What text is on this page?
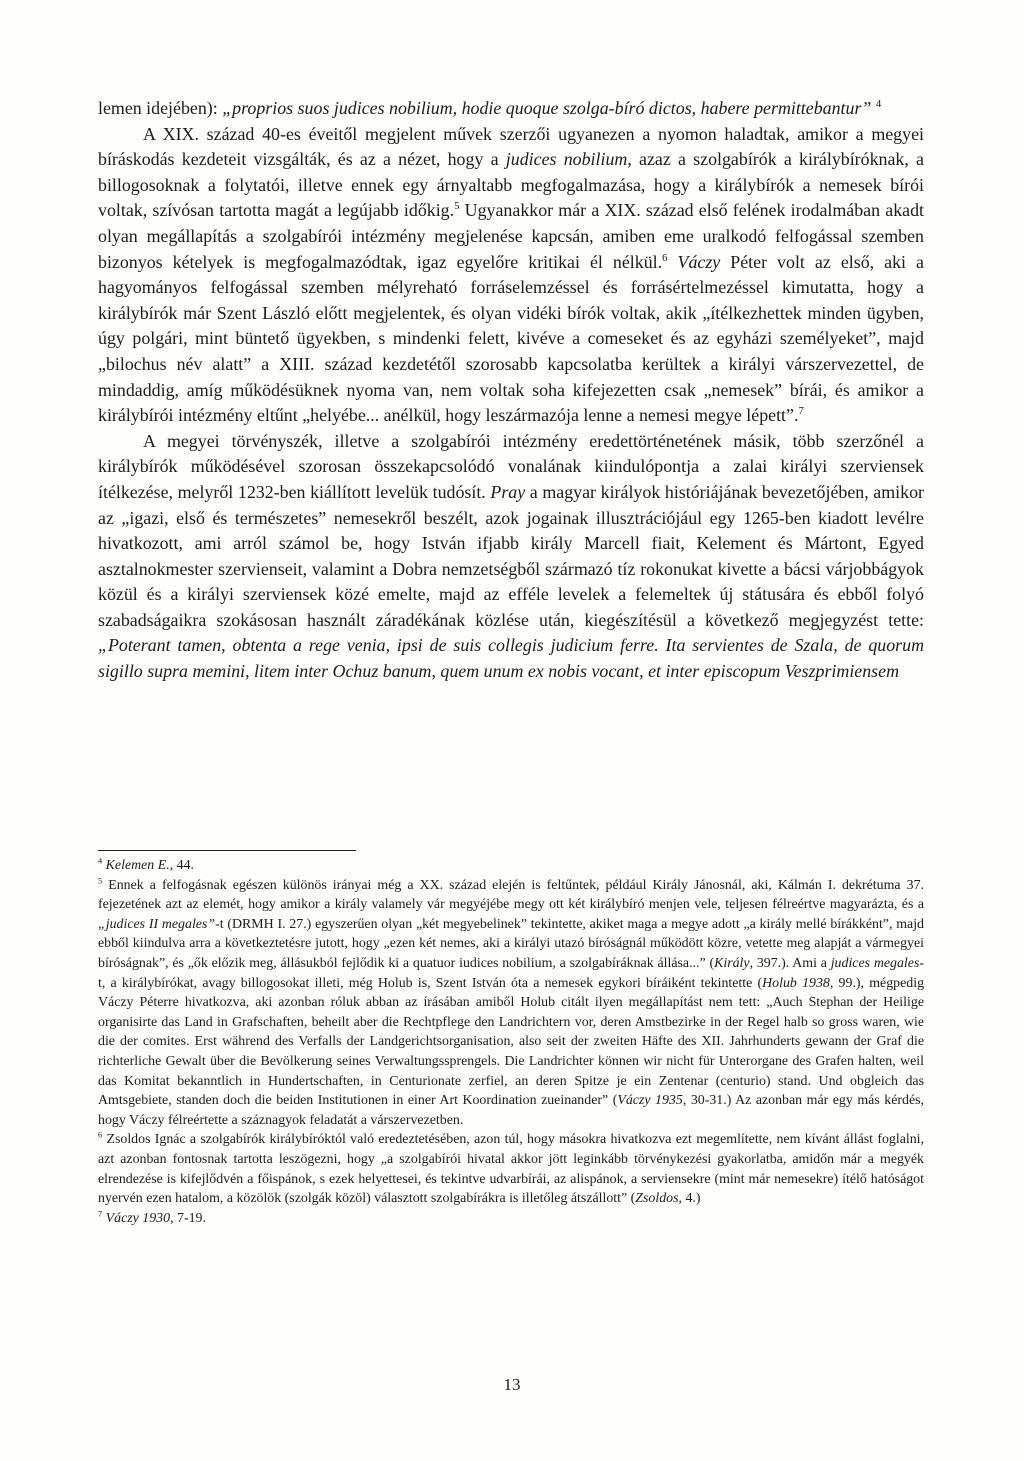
lemen idejében): „proprios suos judices nobilium, hodie quoque szolga-bíró dictos, habere permittebantur” $^4$

A XIX. század 40-es éveitől megjelent művek szerzői ugyanezen a nyomon haladtak, amikor a megyei bíráskodás kezdeteit vizsgálták, és az a nézet, hogy a judices nobilium, azaz a szolgabírók a királybíróknak, a billogosoknak a folytatói, illetve ennek egy árnyaltabb megfogalmazása, hogy a királybírók a nemesek bírói voltak, szívósan tartotta magát a legújabb időkig.$^5$ Ugyanakkor már a XIX. század első felének irodalmában akadt olyan megállapítás a szolgabírói intézmény megjelenése kapcsán, amiben eme uralkodó felfogással szemben bizonyos kételyek is megfogalmazódtak, igaz egyelőre kritikai él nélkül.$^6$ Váczy Péter volt az első, aki a hagyományos felfogással szemben mélyreható forráselemzéssel és forrásértelmezéssel kimutatta, hogy a királybírók már Szent László előtt megjelentek, és olyan vidéki bírók voltak, akik „ítélkezhettek minden ügyben, úgy polgári, mint büntető ügyekben, s mindenki felett, kivéve a comeseket és az egyházi személyeket”, majd „bilochus név alatt” a XIII. század kezdetétől szorosabb kapcsolatba kerültek a királyi várszervezettel, de mindaddig, amíg működésüknek nyoma van, nem voltak soha kifejezetten csak „nemesek” bírái, és amikor a királybírói intézmény eltűnt „helyébe... anélkül, hogy leszármazója lenne a nemesi megye lépett”.$^7$

A megyei törvényszék, illetve a szolgabírói intézmény eredettörténetének másik, több szerzőnél a királybírók működésével szorosan összekapcsolódó vonalának kiindulópontja a zalai királyi szerviensek ítélkezése, melyről 1232-ben kiállított levelük tudósít. Pray a magyar királyok históriájának bevezetőjében, amikor az „igazi, első és természetes” nemesekről beszélt, azok jogainak illusztrációjául egy 1265-ben kiadott levélre hivatkozott, ami arról számol be, hogy István ifjabb király Marcell fiait, Kelement és Mártont, Egyed asztalnokmester szervienseit, valamint a Dobra nemzetségből származó tíz rokonukat kivette a bácsi várjobbágyok közül és a királyi szerviensek közé emelte, majd az efféle levelek a felemeltek új státusára és ebből folyó szabadságaikra szokásosan használt záradékának közlése után, kiegészítésül a következő megjegyzést tette: „Poterant tamen, obtenta a rege venia, ipsi de suis collegis judicium ferre. Ita servientes de Szala, de quorum sigillo supra memini, litem inter Ochuz banum, quem unum ex nobis vocant, et inter episcopum Veszprimiensem

$^4$ Kelemen E., 44.

$^5$ Ennek a felfogásnak egészen különös irányai még a XX. század elején is feltűntek, például Király Jánosnál, aki, Kálmán I. dekrétuma 37. fejezetének azt az elemét, hogy amikor a király valamely vár megyéjébe megy ott két királybíró menjen vele, teljesen félreértve magyarázta, és a „judices II megales”-t (DRMH I. 27.) egyszerűen olyan „két megyebelinek” tekintette, akiket maga a megye adott „a király mellé bírákként”, majd ebből kiindulva arra a következtetésre jutott, hogy „ezen két nemes, aki a királyi utazó bíróságnál működött közre, vetette meg alapját a vármegyei bíróságnak”, és „ők előzik meg, állásukból fejlődik ki a quatuor iudices nobilium, a szolgabíráknak állása...” (Király, 397.). Ami a judices megales-t, a királybírókat, avagy billogosokat illeti, még Holub is, Szent István óta a nemesek egykori bíráiként tekintette (Holub 1938, 99.), mégpedig Váczy Péterre hivatkozva, aki azonban róluk abban az írásában amiből Holub citált ilyen megállapítást nem tett: „Auch Stephan der Heilige organisirte das Land in Grafschaften, beheilt aber die Rechtpflege den Landrichtern vor, deren Amstbezirke in der Regel halb so gross waren, wie die der comites. Erst während des Verfalls der Landgerichtsorganisation, also seit der zweiten Häfte des XII. Jahrhunderts gewann der Graf die richterliche Gewalt über die Bevölkerung seines Verwaltungssprengels. Die Landrichter können wir nicht für Unterorgane des Grafen halten, weil das Komitat bekanntlich in Hundertschaften, in Centurionate zerfiel, an deren Spitze je ein Zentenar (centurio) stand. Und obgleich das Amtsgebiete, standen doch die beiden Institutionen in einer Art Koordination zueinander” (Váczy 1935, 30-31.) Az azonban már egy más kérdés, hogy Váczy félreértette a száznagyok feladatát a várszervezetben.

$^6$ Zsoldos Ignác a szolgabírók királybíróktól való eredeztetésében, azon túl, hogy másokra hivatkozva ezt megemlítette, nem kívánt állást foglalni, azt azonban fontosnak tartotta leszögezni, hogy „a szolgabírói hivatal akkor jött leginkább törvénykezési gyakorlatba, amidőn már a megyék elrendezése is kifejlődvén a főispánok, s ezek helyettesei, és tekintve udvarbírái, az alispánok, a serviensekre (mint már nemesekre) ítélő hatóságot nyervén ezen hatalom, a közölök (szolgák közöl) választott szolgabírákra is illetőleg átszállott” (Zsoldos, 4.)

$^7$ Váczy 1930, 7-19.

13
